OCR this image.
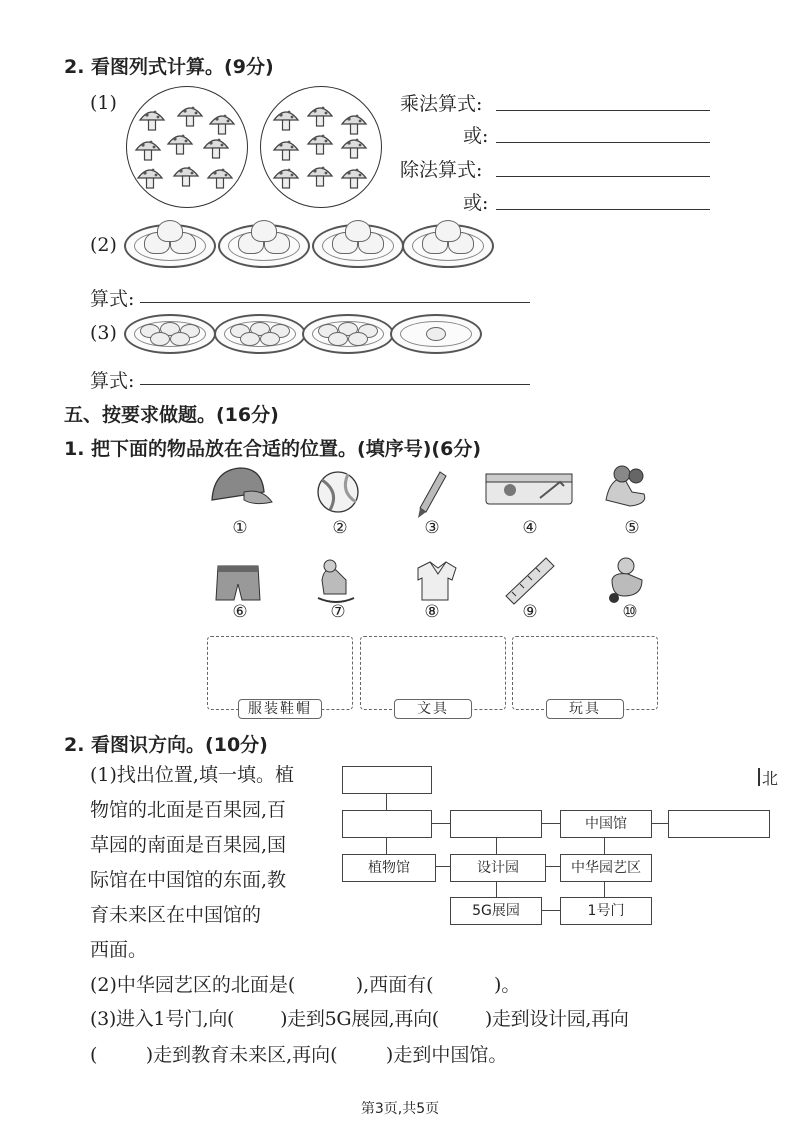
2. 看图列式计算。(9分)
(1)	乘法算式:
或:
除法算式:
或:
(2)
算式:
(3)
算式:
五、按要求做题。(16分)
1. 把下面的物品放在合适的位置。(填序号)(6分)
①	②	③	④	⑤
⑥	⑦	⑧	⑨	⑩
服装鞋帽	文具	玩具
2. 看图识方向。(10分)
(1)找出位置,填一填。植
物馆的北面是百果园,百
草园的南面是百果园,国
际馆在中国馆的东面,教
育未来区在中国馆的
西面。
北
中国馆
植物馆	设计园	中华园艺区
5G展园	1号门
(2)中华园艺区的北面是(          ),西面有(          )。
(3)进入1号门,向(        )走到5G展园,再向(        )走到设计园,再向
(        )走到教育未来区,再向(        )走到中国馆。
第3页,共5页
